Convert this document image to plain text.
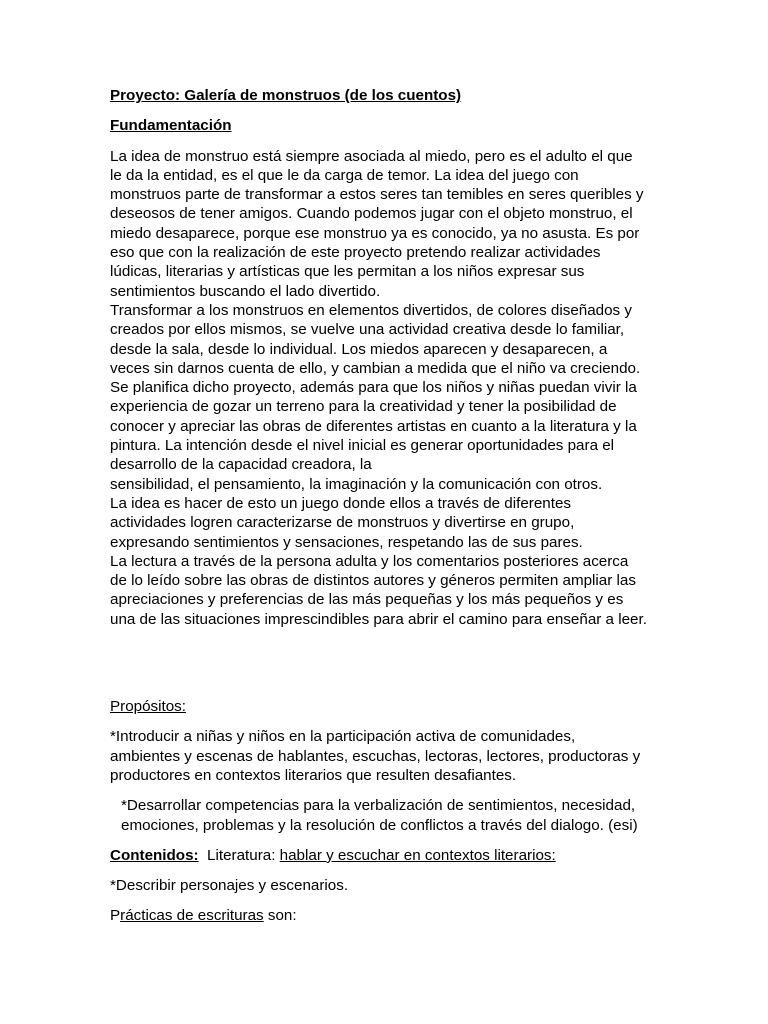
Proyecto: Galería de monstruos (de los cuentos)

Fundamentación

La idea de monstruo está siempre asociada al miedo, pero es el adulto el que
le da la entidad, es el que le da carga de temor. La idea del juego con
monstruos parte de transformar a estos seres tan temibles en seres queribles y
deseosos de tener amigos. Cuando podemos jugar con el objeto monstruo, el
miedo desaparece, porque ese monstruo ya es conocido, ya no asusta. Es por
eso que con la realización de este proyecto pretendo realizar actividades
lúdicas, literarias y artísticas que les permitan a los niños expresar sus
sentimientos buscando el lado divertido.
Transformar a los monstruos en elementos divertidos, de colores diseñados y
creados por ellos mismos, se vuelve una actividad creativa desde lo familiar,
desde la sala, desde lo individual. Los miedos aparecen y desaparecen, a
veces sin darnos cuenta de ello, y cambian a medida que el niño va creciendo.
Se planifica dicho proyecto, además para que los niños y niñas puedan vivir la
experiencia de gozar un terreno para la creatividad y tener la posibilidad de
conocer y apreciar las obras de diferentes artistas en cuanto a la literatura y la
pintura. La intención desde el nivel inicial es generar oportunidades para el
desarrollo de la capacidad creadora, la
sensibilidad, el pensamiento, la imaginación y la comunicación con otros.
La idea es hacer de esto un juego donde ellos a través de diferentes
actividades logren caracterizarse de monstruos y divertirse en grupo,
expresando sentimientos y sensaciones, respetando las de sus pares.
La lectura a través de la persona adulta y los comentarios posteriores acerca
de lo leído sobre las obras de distintos autores y géneros permiten ampliar las
apreciaciones y preferencias de las más pequeñas y los más pequeños y es
una de las situaciones imprescindibles para abrir el camino para enseñar a leer.

Propósitos:

*Introducir a niñas y niños en la participación activa de comunidades,
ambientes y escenas de hablantes, escuchas, lectoras, lectores, productoras y
productores en contextos literarios que resulten desafiantes.
*Desarrollar competencias para la verbalización de sentimientos, necesidad,
emociones, problemas y la resolución de conflictos a través del dialogo. (esi)

Contenidos: Literatura: hablar y escuchar en contextos literarios:

*Describir personajes y escenarios.

Prácticas de escrituras son:
